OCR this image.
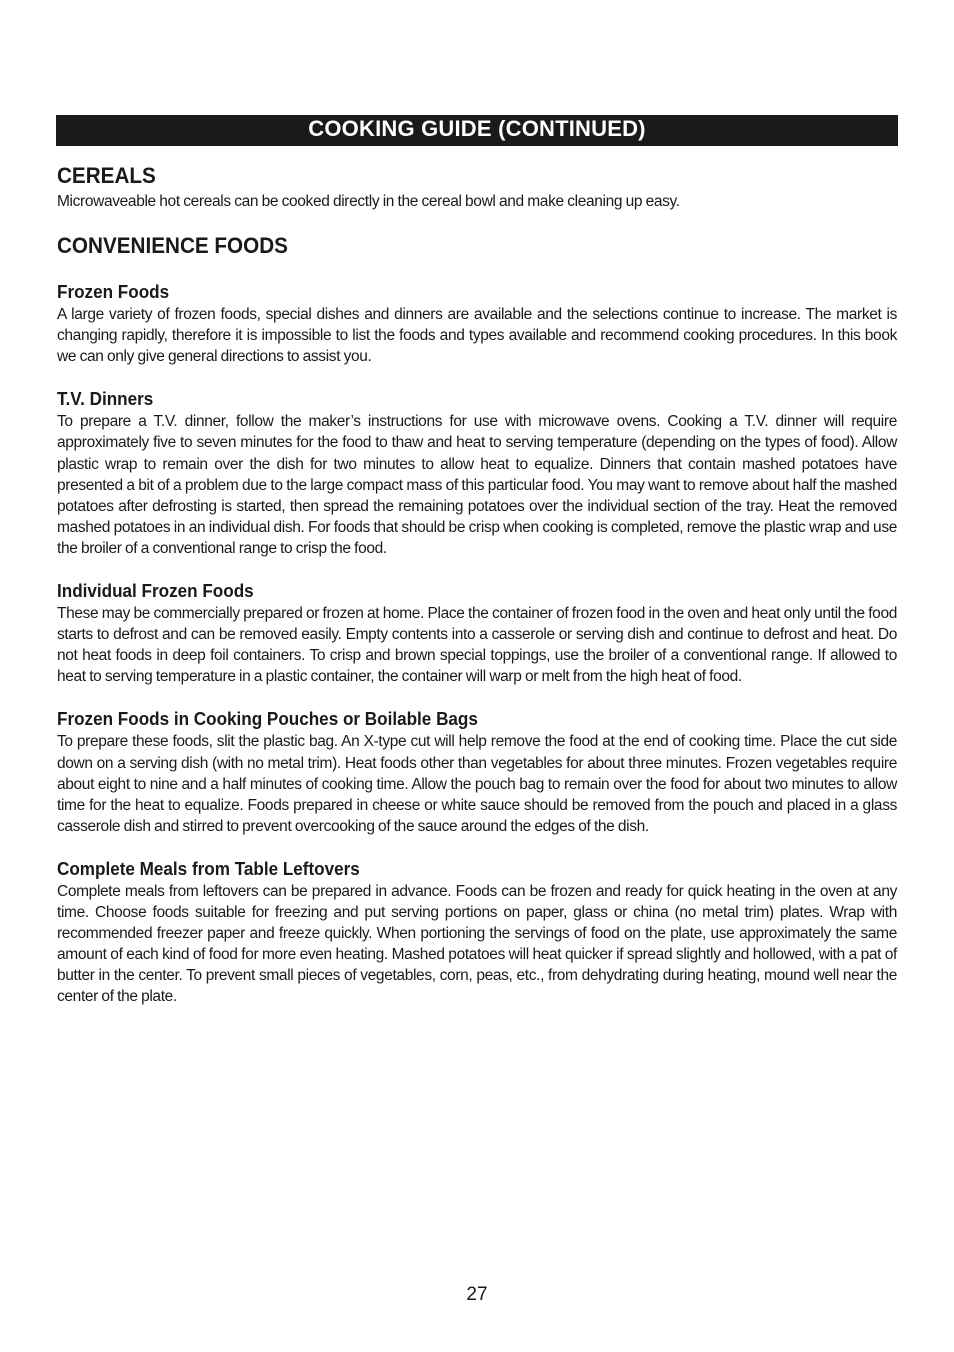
COOKING GUIDE (CONTINUED)
CEREALS

Microwaveable hot cereals can be cooked directly in the cereal bowl and make cleaning up easy.

CONVENIENCE FOODS
Frozen Foods

A large variety of frozen foods, special dishes and dinners are available and the selections continue to increase. The market is changing rapidly, therefore it is impossible to list the foods and types available and recommend cooking procedures. In this book we can only give general directions to assist you.

T.V. Dinners

To prepare a T.V. dinner, follow the maker’s instructions for use with microwave ovens. Cooking a T.V. dinner will require approximately five to seven minutes for the food to thaw and heat to serving temperature (depending on the types of food). Allow plastic wrap to remain over the dish for two minutes to allow heat to equalize. Dinners that contain mashed potatoes have presented a bit of a problem due to the large compact mass of this particular food. You may want to remove about half the mashed potatoes after defrosting is started, then spread the remaining potatoes over the individual section of the tray. Heat the removed mashed potatoes in an individual dish. For foods that should be crisp when cooking is completed, remove the plastic wrap and use the broiler of a conventional range to crisp the food.

Individual Frozen Foods

These may be commercially prepared or frozen at home. Place the container of frozen food in the oven and heat only until the food starts to defrost and can be removed easily. Empty contents into a casserole or serving dish and continue to defrost and heat. Do not heat foods in deep foil containers. To crisp and brown special toppings, use the broiler of a conventional range. If allowed to heat to serving temperature in a plastic container, the container will warp or melt from the high heat of food.

Frozen Foods in Cooking Pouches or Boilable Bags

To prepare these foods, slit the plastic bag. An X-type cut will help remove the food at the end of cooking time. Place the cut side down on a serving dish (with no metal trim). Heat foods other than vegetables for about three minutes. Frozen vegetables require about eight to nine and a half minutes of cooking time. Allow the pouch bag to remain over the food for about two minutes to allow time for the heat to equalize. Foods prepared in cheese or white sauce should be removed from the pouch and placed in a glass casserole dish and stirred to prevent overcooking of the sauce around the edges of the dish.

Complete Meals from Table Leftovers

Complete meals from leftovers can be prepared in advance. Foods can be frozen and ready for quick heating in the oven at any time. Choose foods suitable for freezing and put serving portions on paper, glass or china (no metal trim) plates. Wrap with recommended freezer paper and freeze quickly. When portioning the servings of food on the plate, use approximately the same amount of each kind of food for more even heating. Mashed potatoes will heat quicker if spread slightly and hollowed, with a pat of butter in the center. To prevent small pieces of vegetables, corn, peas, etc., from dehydrating during heating, mound well near the center of the plate.

27
